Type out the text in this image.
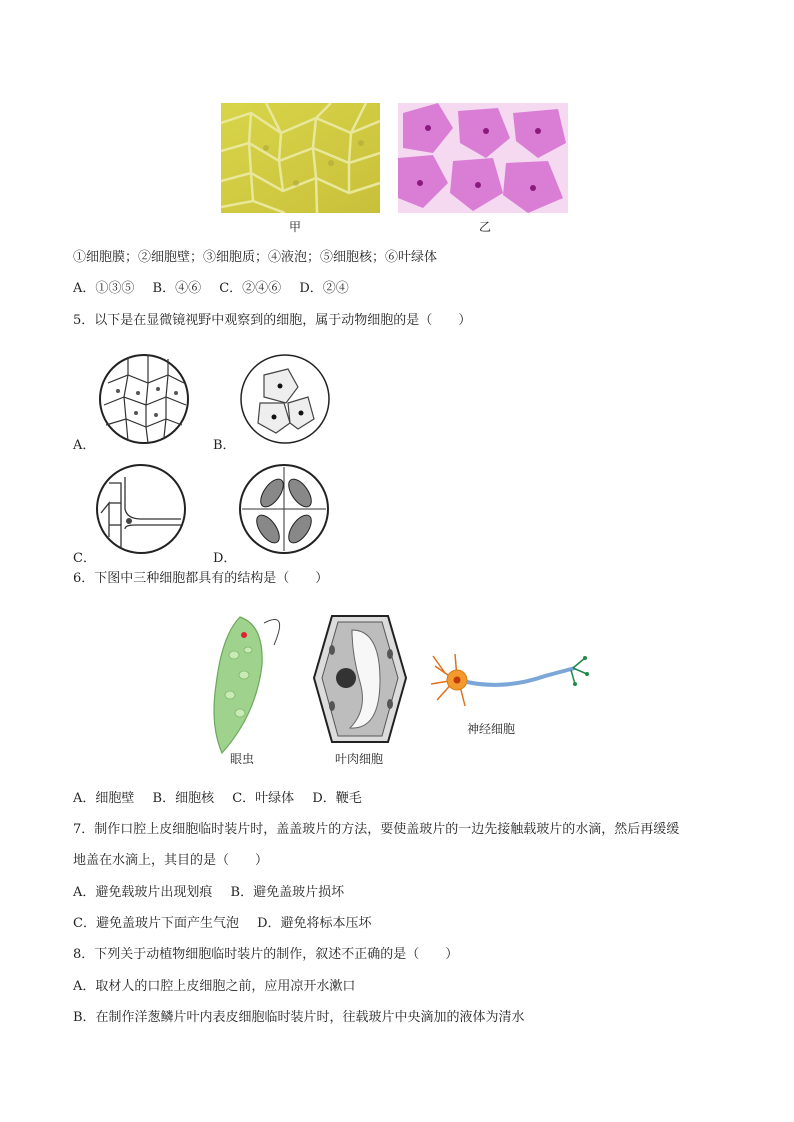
甲	乙
①细胞膜；②细胞壁；③细胞质；④液泡；⑤细胞核；⑥叶绿体
A．①③⑤ B．④⑥ C．②④⑥ D．②④
5．以下是在显微镜视野中观察到的细胞，属于动物细胞的是（　　）
A．	B．
C．	D．
6．下图中三种细胞都具有的结构是（　　）
眼虫	叶肉细胞
神经细胞
A．细胞壁 B．细胞核 C．叶绿体 D．鞭毛
7．制作口腔上皮细胞临时装片时，盖盖玻片的方法，要使盖玻片的一边先接触载玻片的水滴，然后再缓缓
地盖在水滴上，其目的是（　　）
A．避免载玻片出现划痕 B．避免盖玻片损坏
C．避免盖玻片下面产生气泡 D．避免将标本压坏
8．下列关于动植物细胞临时装片的制作，叙述不正确的是（　　）
A．取材人的口腔上皮细胞之前，应用凉开水漱口
B．在制作洋葱鳞片叶内表皮细胞临时装片时，往载玻片中央滴加的液体为清水
